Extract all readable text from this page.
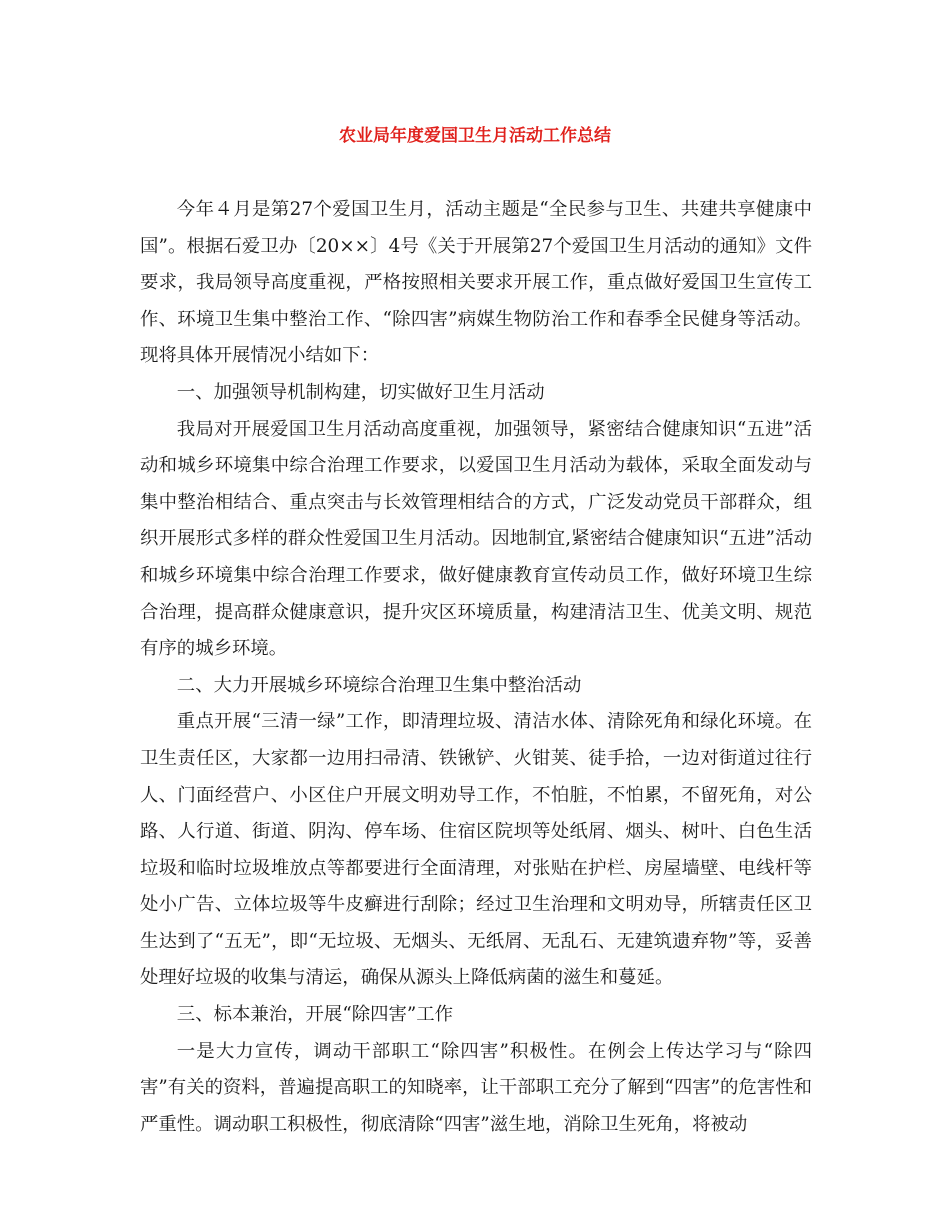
农业局年度爱国卫生月活动工作总结

今年４月是第27个爱国卫生月，活动主题是“全民参与卫生、共建共享健康中国”。根据石爱卫办〔20××〕4号《关于开展第27个爱国卫生月活动的通知》文件要求，我局领导高度重视，严格按照相关要求开展工作，重点做好爱国卫生宣传工作、环境卫生集中整治工作、“除四害”病媒生物防治工作和春季全民健身等活动。现将具体开展情况小结如下：

一、加强领导机制构建，切实做好卫生月活动

我局对开展爱国卫生月活动高度重视，加强领导，紧密结合健康知识“五进”活动和城乡环境集中综合治理工作要求，以爱国卫生月活动为载体，采取全面发动与集中整治相结合、重点突击与长效管理相结合的方式，广泛发动党员干部群众，组织开展形式多样的群众性爱国卫生月活动。因地制宜,紧密结合健康知识“五进”活动和城乡环境集中综合治理工作要求，做好健康教育宣传动员工作，做好环境卫生综合治理，提高群众健康意识，提升灾区环境质量，构建清洁卫生、优美文明、规范有序的城乡环境。

二、大力开展城乡环境综合治理卫生集中整治活动

重点开展“三清一绿”工作，即清理垃圾、清洁水体、清除死角和绿化环境。在卫生责任区，大家都一边用扫帚清、铁锹铲、火钳荚、徒手拾，一边对街道过往行人、门面经营户、小区住户开展文明劝导工作，不怕脏，不怕累，不留死角，对公路、人行道、街道、阴沟、停车场、住宿区院坝等处纸屑、烟头、树叶、白色生活垃圾和临时垃圾堆放点等都要进行全面清理，对张贴在护栏、房屋墙壁、电线杆等处小广告、立体垃圾等牛皮癣进行刮除；经过卫生治理和文明劝导，所辖责任区卫生达到了“五无”，即“无垃圾、无烟头、无纸屑、无乱石、无建筑遗弃物”等，妥善处理好垃圾的收集与清运，确保从源头上降低病菌的滋生和蔓延。

三、标本兼治，开展“除四害”工作

一是大力宣传，调动干部职工“除四害”积极性。在例会上传达学习与“除四害”有关的资料，普遍提高职工的知晓率，让干部职工充分了解到“四害”的危害性和严重性。调动职工积极性，彻底清除“四害”滋生地，消除卫生死角，将被动
